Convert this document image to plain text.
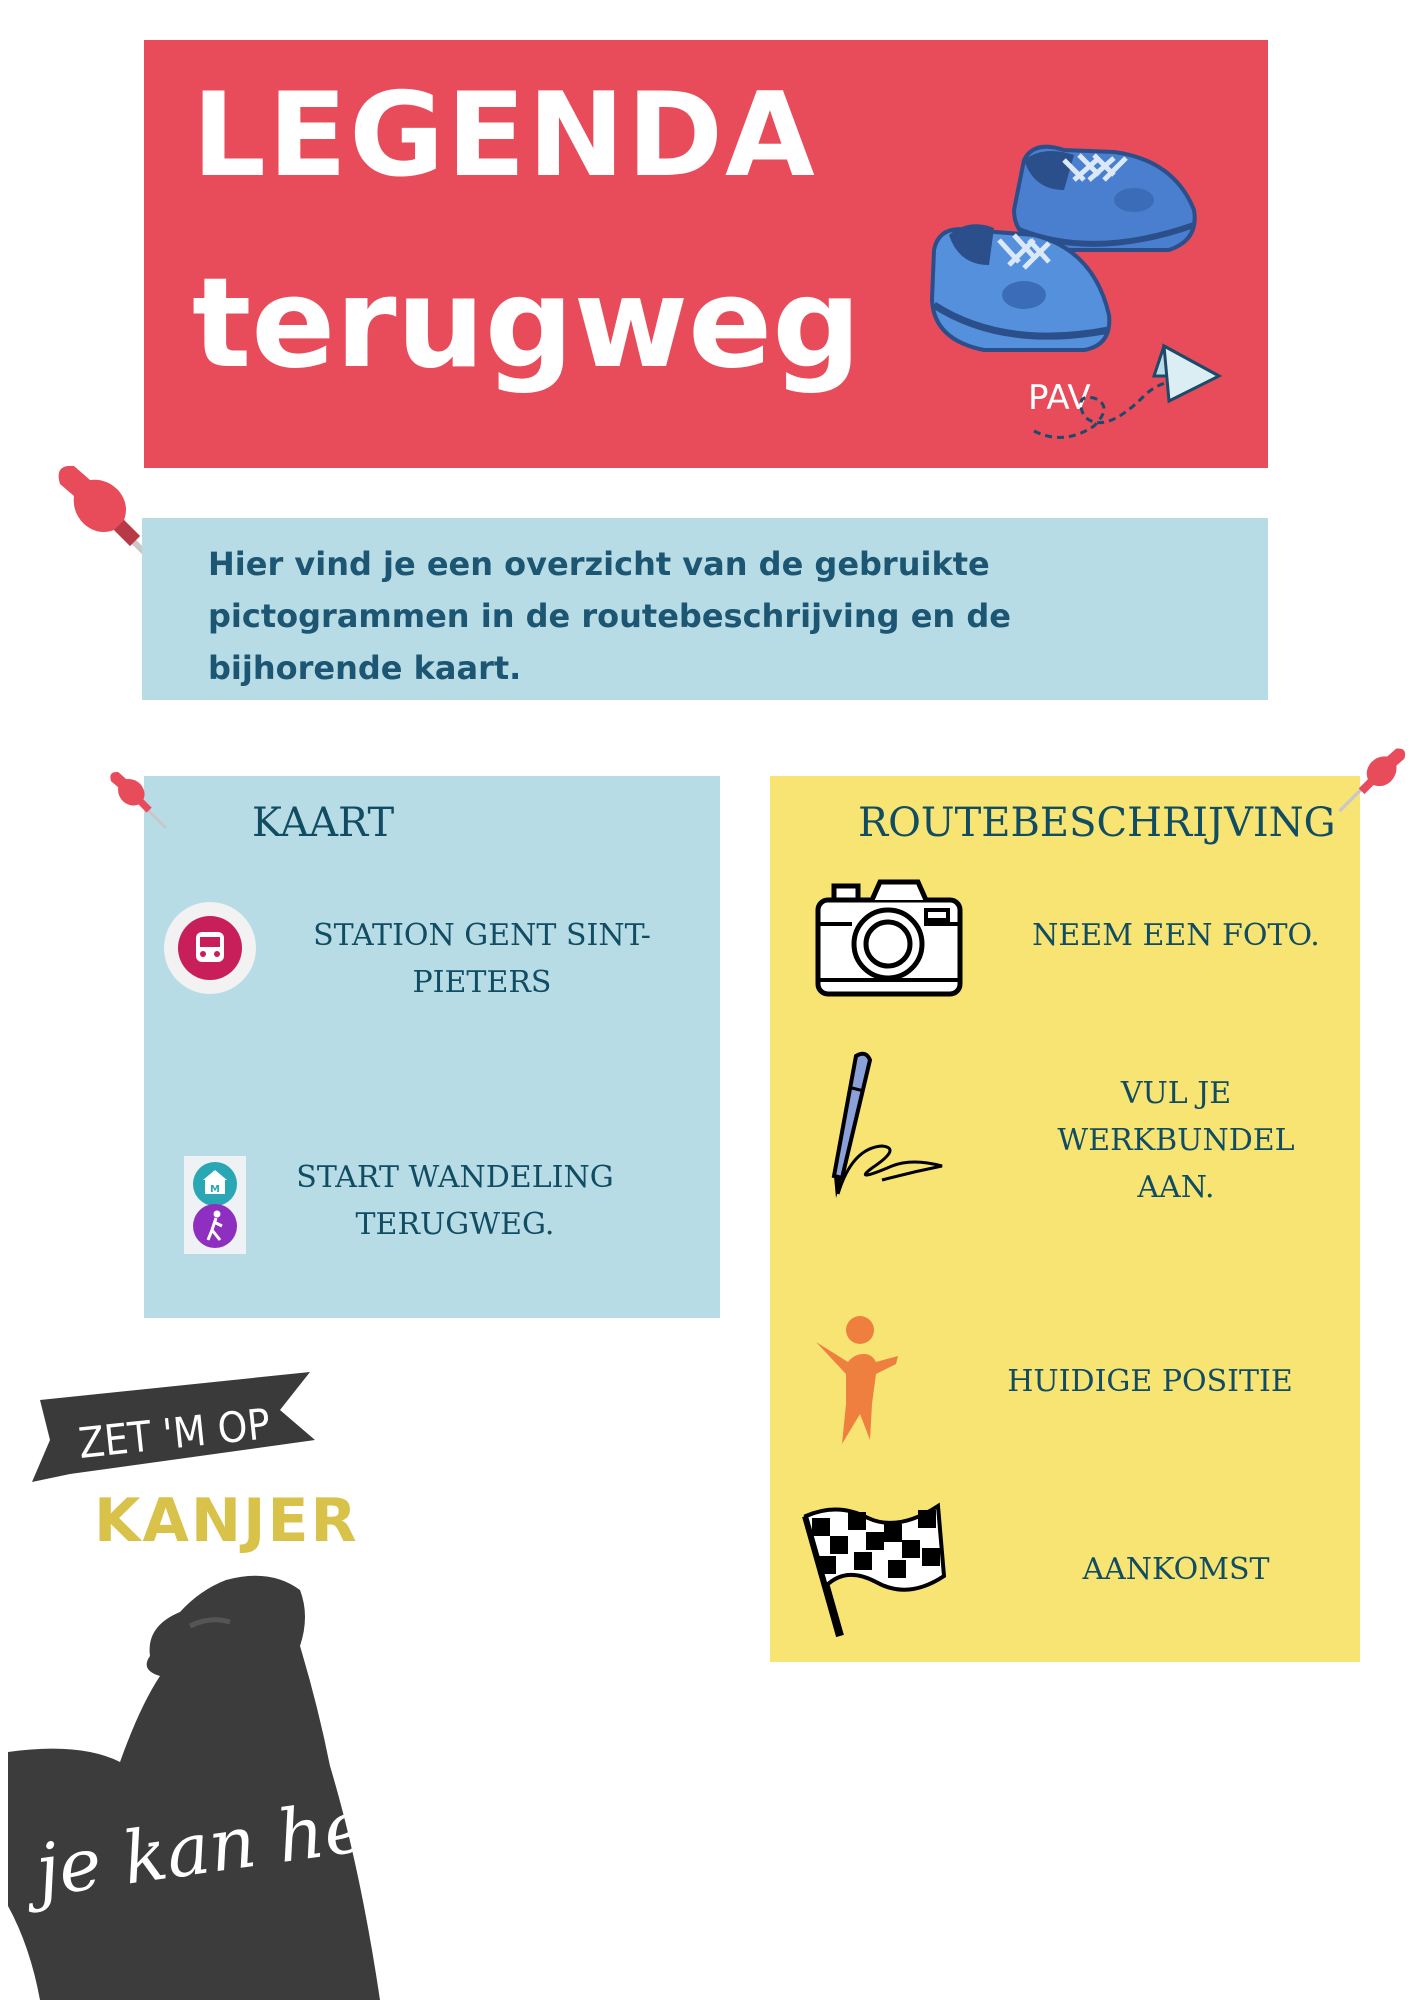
LEGENDA
terugweg
PAV
Hier vind je een overzicht van de gebruikte pictogrammen in de routebeschrijving en de bijhorende kaart.
KAART
STATION GENT SINT-
PIETERS
M	START WANDELING
TERUGWEG.
ROUTEBESCHRIJVING
NEEM EEN FOTO.
VUL JE
WERKBUNDEL
AAN.
HUIDIGE POSITIE
AANKOMST
ZET 'M OP
KANJER
je kan het!
